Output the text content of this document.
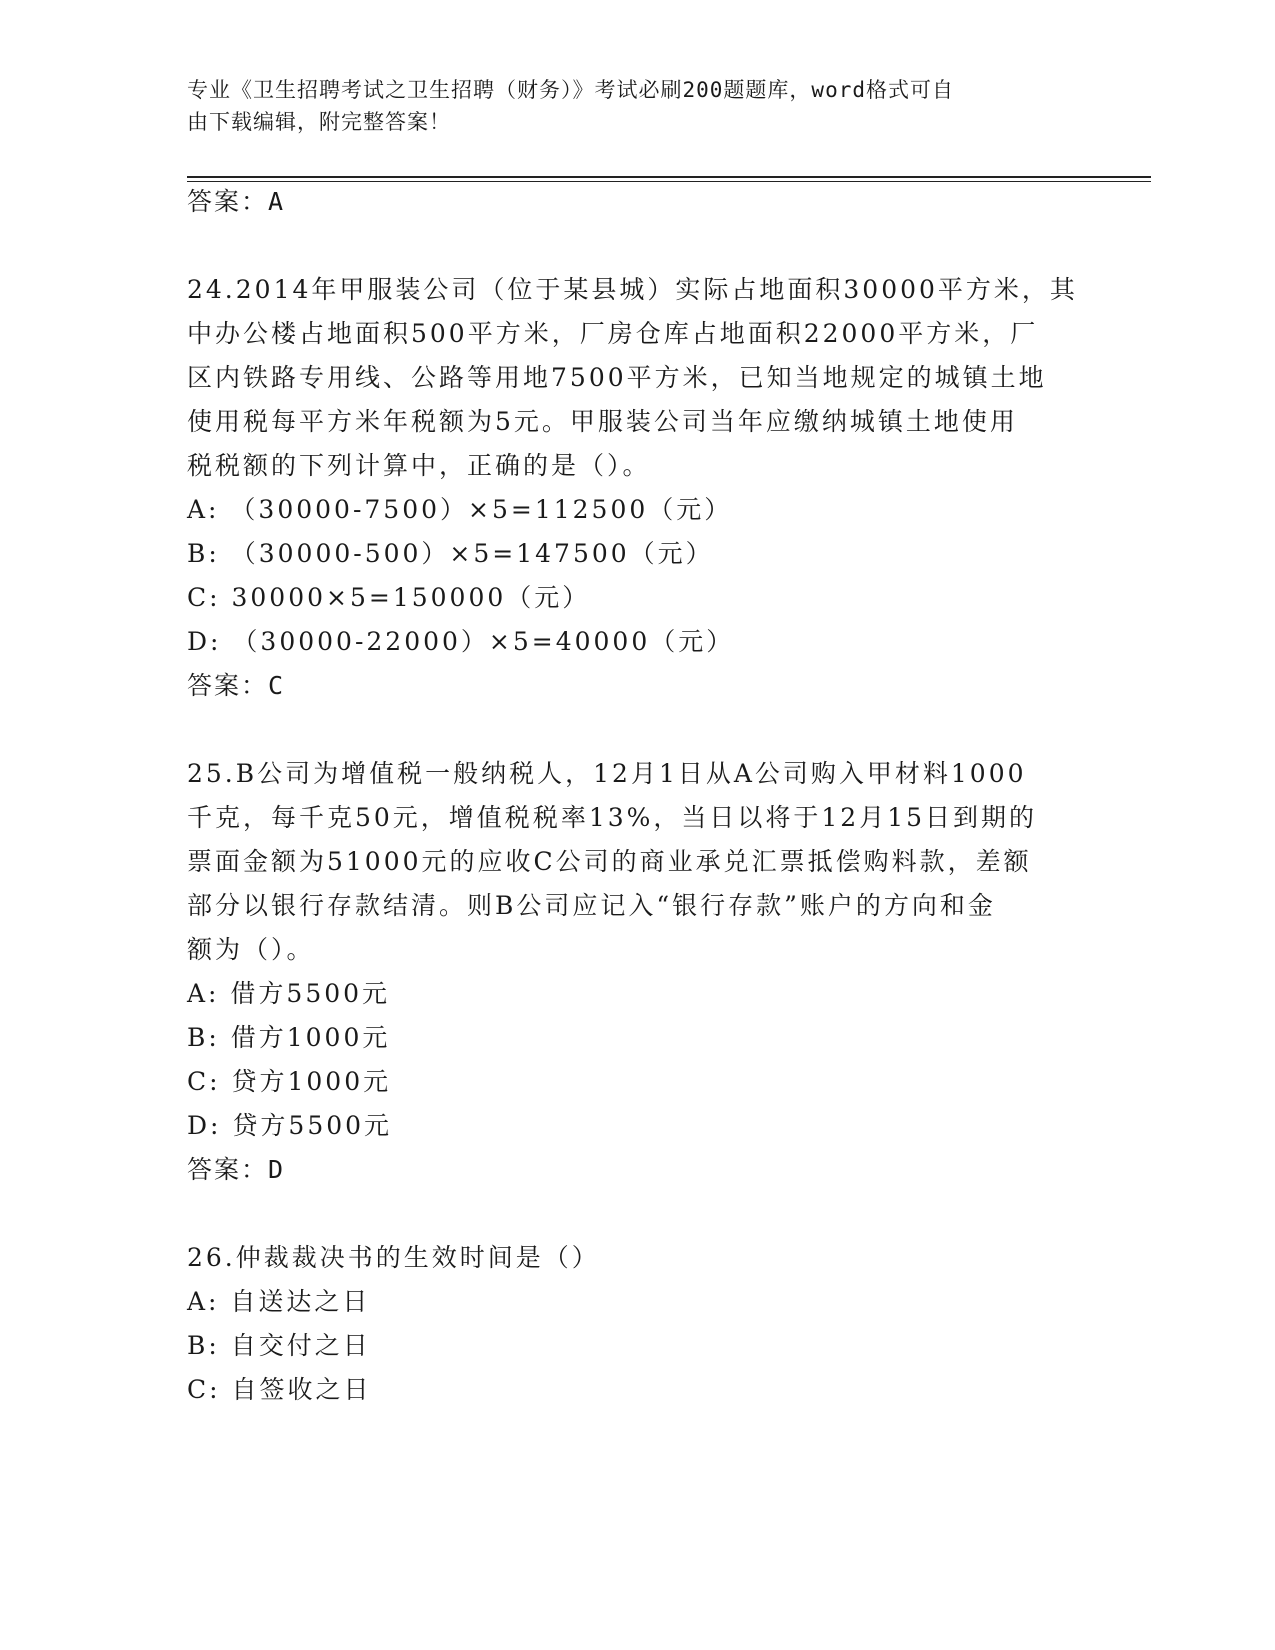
专业《卫生招聘考试之卫生招聘（财务）》考试必刷200题题库，word格式可自
由下载编辑，附完整答案！
答案：A
24.2014年甲服装公司（位于某县城）实际占地面积30000平方米，其
中办公楼占地面积500平方米，厂房仓库占地面积22000平方米，厂
区内铁路专用线、公路等用地7500平方米，已知当地规定的城镇土地
使用税每平方米年税额为5元。甲服装公司当年应缴纳城镇土地使用
税税额的下列计算中，正确的是（）。
A: （30000-7500）×5=112500（元）
B: （30000-500）×5=147500（元）
C: 30000×5=150000（元）
D: （30000-22000）×5=40000（元）
答案：C
25.B公司为增值税一般纳税人，12月1日从A公司购入甲材料1000
千克，每千克50元，增值税税率13%，当日以将于12月15日到期的
票面金额为51000元的应收C公司的商业承兑汇票抵偿购料款，差额
部分以银行存款结清。则B公司应记入“银行存款”账户的方向和金
额为（）。
A: 借方5500元
B: 借方1000元
C: 贷方1000元
D: 贷方5500元
答案：D
26.仲裁裁决书的生效时间是（）
A: 自送达之日
B: 自交付之日
C: 自签收之日
